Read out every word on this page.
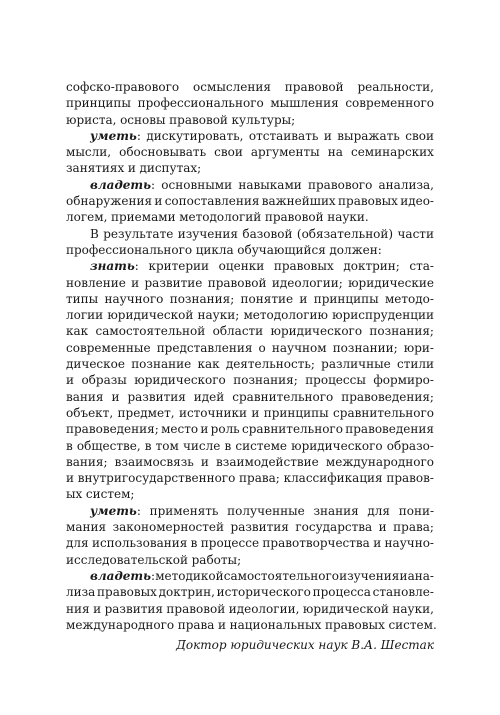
софско-правового осмысления правовой реальности,
принципы профессионального мышления современного
юриста, основы правовой культуры;
уметь: дискутировать, отстаивать и выражать свои
мысли, обосновывать свои аргументы на семинарских
занятиях и диспутах;
владеть: основными навыками правового анализа,
обнаружения и сопоставления важнейших правовых идео-
логем, приемами методологий правовой науки.
В результате изучения базовой (обязательной) части
профессионального цикла обучающийся должен:
знать: критерии оценки правовых доктрин; ста-
новление и развитие правовой идеологии; юридические
типы научного познания; понятие и принципы методо-
логии юридической науки; методологию юриспруденции
как самостоятельной области юридического познания;
современные представления о научном познании; юри-
дическое познание как деятельность; различные стили
и образы юридического познания; процессы формиро-
вания и развития идей сравнительного правоведения;
объект, предмет, источники и принципы сравнительного
правоведения; место и роль сравнительного правоведения
в обществе, в том числе в системе юридического образо-
вания; взаимосвязь и взаимодействие международного
и внутригосударственного права; классификация правов-
ых систем;
уметь: применять полученные знания для пони-
мания закономерностей развития государства и права;
для использования в процессе правотворчества и научно-
исследовательской работы;
владеть: методикой самостоятельного изучения и ана-
лиза правовых доктрин, исторического процесса становле-
ния и развития правовой идеологии, юридической науки,
международного права и национальных правовых систем.
Доктор юридических наук В.А. Шестак
